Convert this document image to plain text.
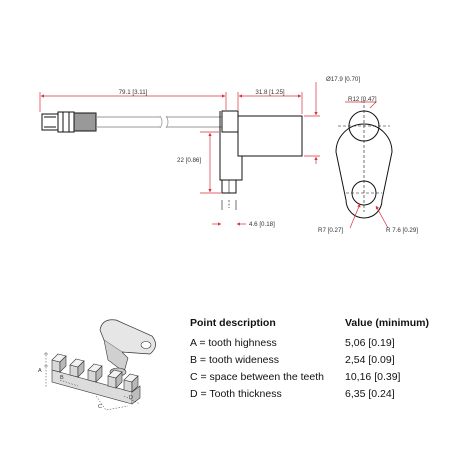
79.1 [3.11]	31.8 [1.25]
Ø17.9 [0.70]
22 [0.86]
4.6 [0.18]
R12 [0.47]
R7 [0.27]	R 7.6 [0.29]
A
B
C
D
Point description	Value (minimum)
A = tooth highness	5,06 [0.19]
B = tooth wideness	2,54 [0.09]
C = space between the teeth	10,16 [0.39]
D = Tooth thickness	6,35 [0.24]
